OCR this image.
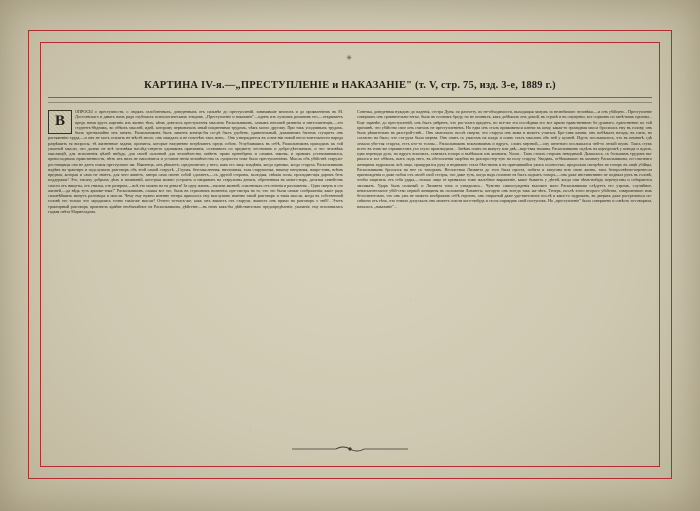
✳
КАРТИНА IV-я.—„ПРЕСТУПЛЕНІЕ и НАКАЗАНІЕ" (т. V, стр. 75, изд. 3-е, 1889 г.)

В
ОПРОСЫ о преступности, о людяхъ озлобленныхъ, доведенныхъ отъ сильнѣе до преступленій, занимавшіе многихъ и до проявленіемъ въ М. Достоевскаго и давать намъ рядъ глубокихъ психологическихъ этюдовъ. „Преступленіе и наказаніе"—одинъ изъ лучшихъ романовъ его,—открываетъ предъ нами кругъ картинъ изъ жизни тѣхъ, кѣмъ довелось преступленія мыслить Раскольниковъ, самымъ юношей развитія и интеллигенціи,—это студентъ-бѣдникъ, во обѣихъ мыслей, идей, которому первоначалъ иный искренними трудомъ, чѣмъ могло другому. При такъ усидчивыхъ трудахъ, былъ чрезвычайно онъ занятъ. Раскольниковъ былъ лишенъ конецъ-бы по-дѣ былъ удобенъ, удивительный, домашнимъ бытомъ сгущаетъ онъ растяженію труда,—и онъ не могъ осилить не-мѣстѣ итого, онъ ожидалъ и не похотѣть такъ жить... Онъ утверждается въ созна-ніи новой несостоятельности народа разрѣшить ея вопросы, тѣ жизненные задачи, пронятся, которые ежедневно встрѣчаютъ предъ собою. Углублявшись въ себѣ, Раскольниковъ приходилъ къ той ужасной мысли, что далеко не всѣ человѣки наслѣд-ствуютъ одинаковъ притязанія, останавитъ по предмету чествовать и добро-дѣтельныхъ, и что человѣкъ мыслящій, для исполненія цѣлей нибудь, для своей склонной для человѣчества, имѣетъ право пренебречь и самимъ законы, и правомъ установившихся, превосходныхъ нравственности, нѣтъ изъ нихъ не наполнятся и установ-ленія человѣчества съ сущности тоже было преступленіемъ. Мысль объ убійствѣ старухи-ростовщицы она не даетъ покоя преступнаго им. Наконецъ, онъ рѣшаетъ: предпочитать у него, какъ его лицо владѣнія, когда одинако, когда старуха. Раскольниковъ надѣвъ на трактиръ и подслушалъ разговоръ объ этой самой старухѣ. „Глупая, безсмысленная, ничтожная, злая старушонка, никому ненужная, напро-тивъ, всѣмъ вредная, которая и сама не знаетъ, для чего живетъ, завтра сама своею собой сдохнетъ,—съ другой стороны, молодыя, свѣжія силы, пропадаю-щія даромъ безъ поддержки! Это, тысячу добрыхъ дѣлъ и начинаній, кото-рыя можно устроить и направить на старухины деньги, обреченныя въ мона-стырь, десятки семействъ спасти отъ нищеты, отъ гнилья, отъ разврата,—всѣ это можно на ея деньги! За одну жизнь—тысячи жизней, спасенныхъ отъ гніенія и разложенія... Одна смерть и сто жизней,—да вѣдь тутъ ариѳме-тика!" Раскольниковъ, слыша все это, былъ въ страшномъ волненіи, пре-смотря на то, что это были самые соображенія; какіе рядъ сильнѣйшихъ минутъ разговора и мысли. Чему ему нужно именно теперь пришлось ему выслушать именно такой разговоръ и такія мысли, когда въ собственной головѣ его только что зародились точно такія-же мысли? Отчего тотчасъ-же, какъ онъ вышелъ отъ старухи, вышелъ онъ прямо на разговоръ о ней?.. Этотъ трактирный разговоръ произвелъ крайне необычайное на Раскольникова, дѣйствіе;—въ немъ какъ-бы дѣйствительно предопредѣленіе, указаніе, ему вспомнилась гадкая свѣта Мармеладова.

Сонечка, доведенная нуждою до паденія, сестра Дуня, по разсчету, по не-обходимости, выходящая замужъ за нелюбимаго человѣка,—и онъ убійцею... Преступленіе совершать онъ сравнительно-легко, былъ въ полномъ бреду, но не помнилъ, какъ добѣжалъ онъ домой, въ страхѣ и въ смущеніи, все спрятавъ по занѣ-вашъ проемы... Еще заранѣе, до преступленій, онъ былъ увѣренъ, что рас-плата придетъ, но все-же эта послѣдняя его все яркою нравственною бо-душнаго, единственно по той причинѣ, что убійство свое онъ считалъ не преступленіемъ. Но едва онъ сталъ приживаться ключи къ кому, какая-то громадная масса бросилась ему въ голову, онъ былъ рѣшительно въ разстрой-ствѣ... Онъ замолчалъ послѣ смерти, что старуха онъ жива и можетъ учиться. Бро-сивъ камни, онъ побѣжалъ назадъ, въ глазъ, но согласно на было, что ста-руха была мертва. Онъ опять съ ужасомъ на кладъ и опять сталъ мыслить объ ней у кухней. Идутъ послышалось, что въ комнатѣ, гдѣ лежала уби-тая старуха, есть кто-то толпы... Раскольниковъ вскочившимъ и вдругъ, сломъ мертвой,—сму шептнаго послышался чей-то легкій шумъ. Таясь стукъ всего въ томъ-же отрывистомъ ухо глухо производили... Затѣмъ опять на минуту или двѣ—мер-твая тишина. Раскольниковъ сидѣлъ на корчурочкѣ у комода и ждалъ, едва переводя духъ, но вдругъ вскочилъ, схватилъ топоръ и выбѣжалъ изъ комнаты. Ушли... Тамъ стоялъ сторожъ невидимой. Дышалось, съ большимъ трудомъ вы-рвался и все обѣихъ, шагъ подъ него, въ обезсиленіи скорбна на разспростер-тую на полу старуху. Увидавъ, отбѣжавшаго въ комнату Раскольникова, по-счастнаго женщины задрожали, всѣ лицо, прищурился руку и недвижно стала бѣгствомъ и въ притаившійся ужасъ полностью, продолжая смотрѣть на топоръ въ лицѣ убійцы, Раскольниковъ бросился на нее съ топоромъ. Несчастная Лизавета до того была проста, побита и запугана всю свою жизнь, такъ безпросвѣтно-перенесла пригвожденія и даже побои отъ своей злой сестры, что даже тутъ, когда надъ головою ея былъ подъятъ топоръ,—она даже инстинктивно не подняла рукъ въ головѣ, чтобы защитить отъ себя удара,—только лицо ее привязало тоже жалобное выраженіе, какое бываетъ у дѣтей, когда они чѣмъ-нибудь перепуганы и собираются заплакать. Ударъ былъ сильный, и Лизавета тихъ и ухвадилась... Чувство самоосужденія высшаго мало Раскольникова слѣдуетъ его утромъ, случайное, ненасытительное убій-ство первой женщины въ положеніи Лизаветы, которую онъ всегда такъ жа-лѣть. Теперь, послѣ этого второго убійства, совершеннаго имъ безсознательно, что онъ ужъ не можетъ воображать себѣ героемъ, онъ открытый даже уди-вительное послѣ и какъ-то задрожать, въ дверяхъ даже растрепаться по-спѣшно отъ тѣхъ, что отнялъ допускалъ онъ можетъ спасти кого-нибудь и столь оправдать свой поступокъ. Но „преступленіе" было совершено и совѣсть за-говорила, началось „наказаніе"...
